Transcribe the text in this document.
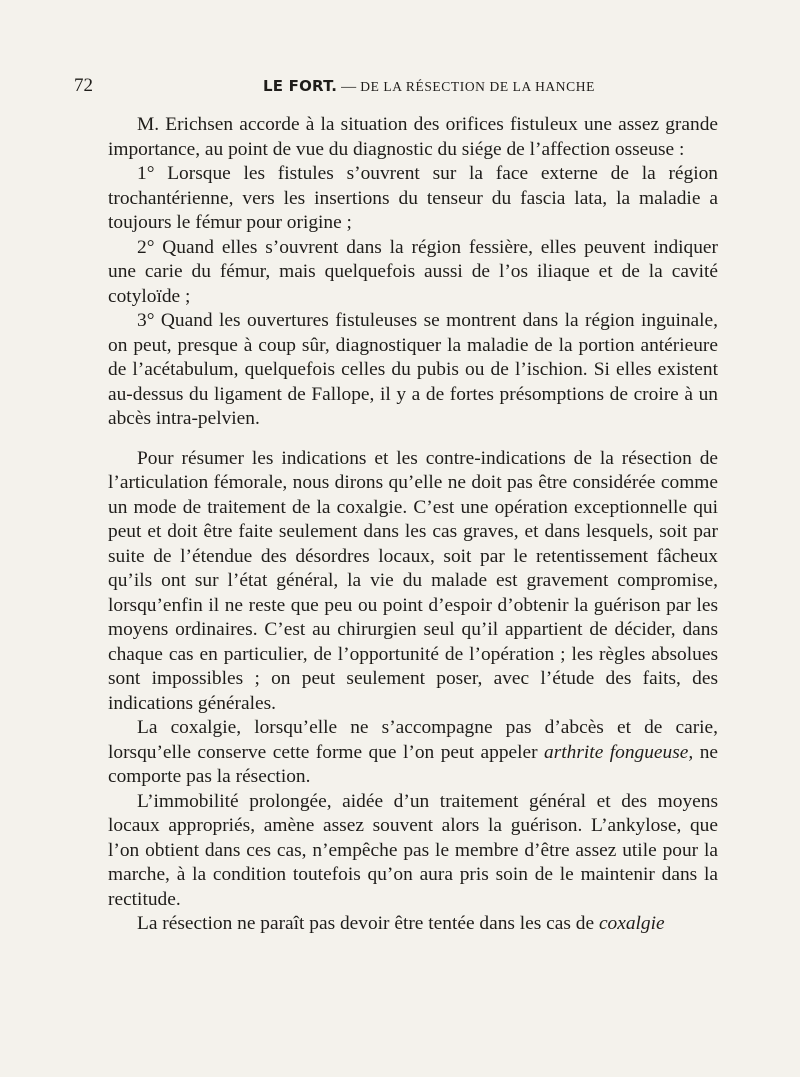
72	LE FORT. — DE LA RÉSECTION DE LA HANCHE

M. Erichsen accorde à la situation des orifices fistuleux une assez grande importance, au point de vue du diagnostic du siége de l’affection osseuse :

1° Lorsque les fistules s’ouvrent sur la face externe de la région trochantérienne, vers les insertions du tenseur du fascia lata, la maladie a toujours le fémur pour origine ;

2° Quand elles s’ouvrent dans la région fessière, elles peuvent indiquer une carie du fémur, mais quelquefois aussi de l’os iliaque et de la cavité cotyloïde ;

3° Quand les ouvertures fistuleuses se montrent dans la région inguinale, on peut, presque à coup sûr, diagnostiquer la maladie de la portion antérieure de l’acétabulum, quelquefois celles du pubis ou de l’ischion. Si elles existent au-dessus du ligament de Fallope, il y a de fortes présomptions de croire à un abcès intra-pelvien.

Pour résumer les indications et les contre-indications de la résection de l’articulation fémorale, nous dirons qu’elle ne doit pas être considérée comme un mode de traitement de la coxalgie. C’est une opération exceptionnelle qui peut et doit être faite seulement dans les cas graves, et dans lesquels, soit par suite de l’étendue des désordres locaux, soit par le retentissement fâcheux qu’ils ont sur l’état général, la vie du malade est gravement compromise, lorsqu’enfin il ne reste que peu ou point d’espoir d’obtenir la guérison par les moyens ordinaires. C’est au chirurgien seul qu’il appartient de décider, dans chaque cas en particulier, de l’opportunité de l’opération ; les règles absolues sont impossibles ; on peut seulement poser, avec l’étude des faits, des indications générales.

La coxalgie, lorsqu’elle ne s’accompagne pas d’abcès et de carie, lorsqu’elle conserve cette forme que l’on peut appeler arthrite fongueuse, ne comporte pas la résection.

L’immobilité prolongée, aidée d’un traitement général et des moyens locaux appropriés, amène assez souvent alors la guérison. L’ankylose, que l’on obtient dans ces cas, n’empêche pas le membre d’être assez utile pour la marche, à la condition toutefois qu’on aura pris soin de le maintenir dans la rectitude.

La résection ne paraît pas devoir être tentée dans les cas de coxalgie
